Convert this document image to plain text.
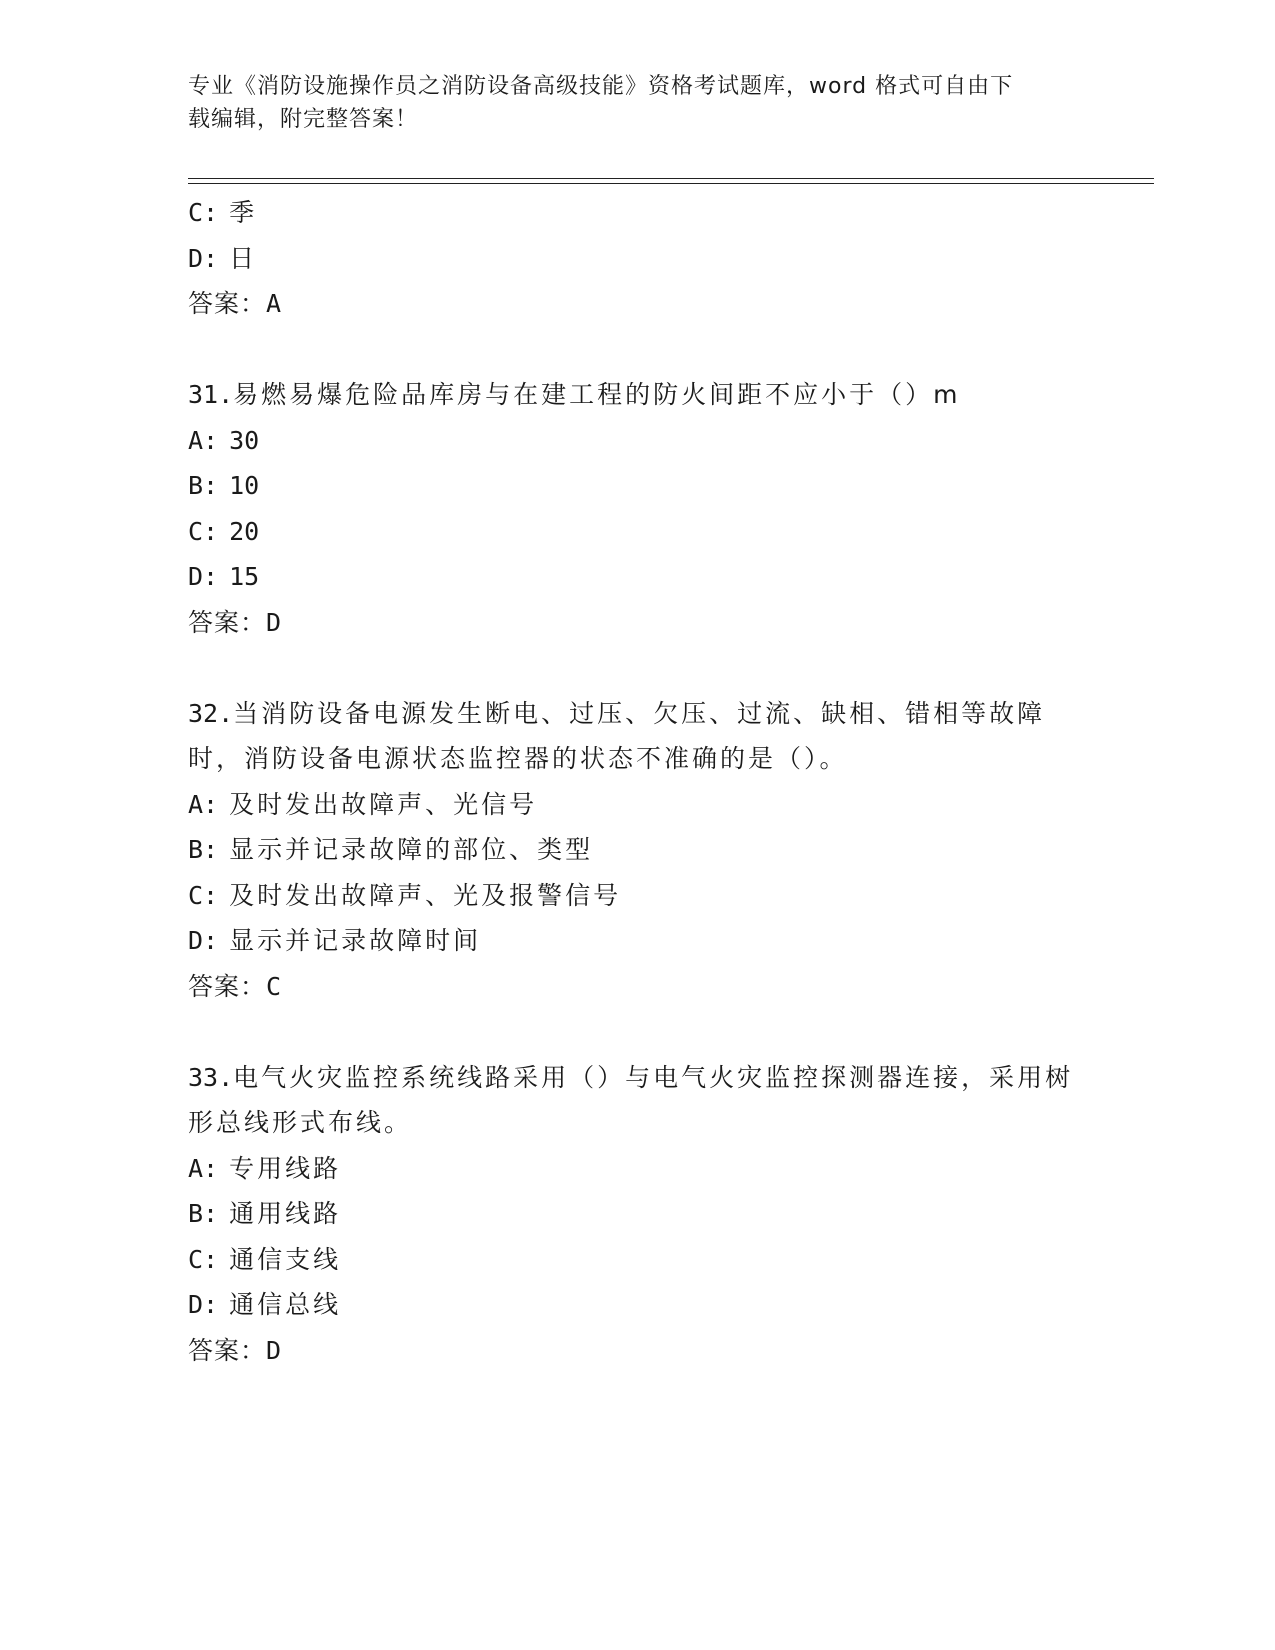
专业《消防设施操作员之消防设备高级技能》资格考试题库，word 格式可自由下
载编辑，附完整答案！
C: 季
D: 日
答案：A
31.易燃易爆危险品库房与在建工程的防火间距不应小于（）m
A: 30
B: 10
C: 20
D: 15
答案：D
32.当消防设备电源发生断电、过压、欠压、过流、缺相、错相等故障时，消防设备电源状态监控器的状态不准确的是（）。
A: 及时发出故障声、光信号
B: 显示并记录故障的部位、类型
C: 及时发出故障声、光及报警信号
D: 显示并记录故障时间
答案：C
33.电气火灾监控系统线路采用（）与电气火灾监控探测器连接，采用树形总线形式布线。
A: 专用线路
B: 通用线路
C: 通信支线
D: 通信总线
答案：D
